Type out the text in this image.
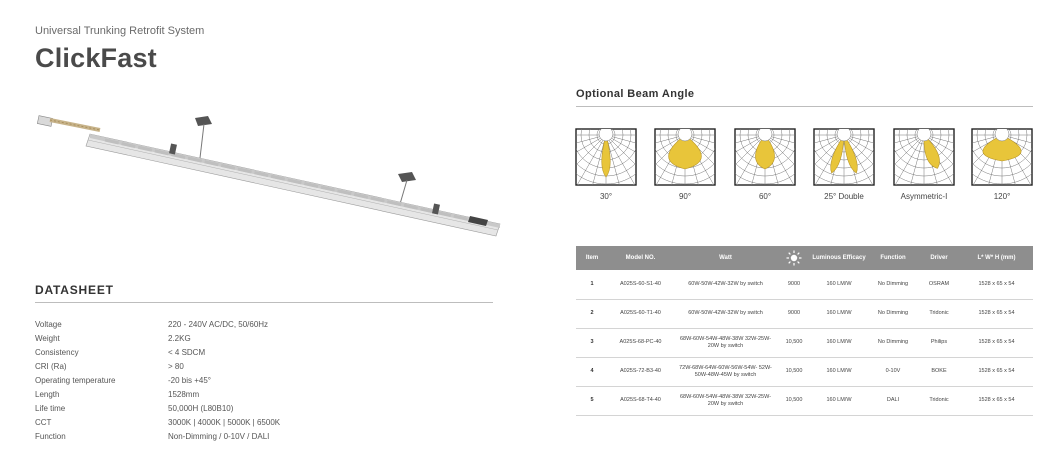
Universal Trunking Retrofit System
ClickFast
DATASHEET
Voltage	220 - 240V AC/DC, 50/60Hz
Weight	2.2KG
Consistency	< 4 SDCM
CRI (Ra)	> 80
Operating temperature	-20 bis +45°
Length	1528mm
Life time	50,000H (L80B10)
CCT	3000K | 4000K | 5000K | 6500K
Function	Non-Dimming / 0-10V / DALI
Optional Beam Angle
30°	90°	60°	25° Double	Asymmetric-I	120°
Item	Model NO.	Watt		Luminous Efficacy	Function	Driver	L* W* H (mm)
1	A025S-60-S1-40	60W-50W-42W-32W by switch	9000	160 LM/W	No Dimming	OSRAM	1528 x 65 x 54
2	A025S-60-T1-40	60W-50W-42W-32W by switch	9000	160 LM/W	No Dimming	Tridonic	1528 x 65 x 54
3	A025S-68-PC-40	68W-60W-54W-48W-38W 32W-25W-20W by switch	10,500	160 LM/W	No Dimming	Philips	1528 x 65 x 54
4	A025S-72-B3-40	72W-68W-64W-60W-56W-54W- 52W-50W-48W-45W by switch	10,500	160 LM/W	0-10V	BOKE	1528 x 65 x 54
5	A025S-68-T4-40	68W-60W-54W-48W-38W 32W-25W-20W by switch	10,500	160 LM/W	DALI	Tridonic	1528 x 65 x 54
